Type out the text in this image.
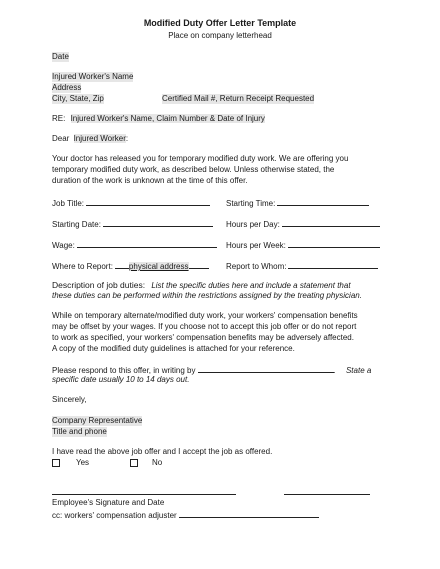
Modified Duty Offer Letter Template
Place on company letterhead
Date
Injured Worker's Name
Address
City, State, Zip	Certified Mail #, Return Receipt Requested
RE: Injured Worker's Name, Claim Number & Date of Injury
Dear Injured Worker:
Your doctor has released you for temporary modified duty work. We are offering you
temporary modified duty work, as described below. Unless otherwise stated, the
duration of the work is unknown at the time of this offer.
Job Title:	Starting Time:
Starting Date:	Hours per Day:
Wage:	Hours per Week:
Where to Report: physical address	Report to Whom:
Description of job duties: List the specific duties here and include a statement that
these duties can be performed within the restrictions assigned by the treating physician.
While on temporary alternate/modified duty work, your workers' compensation benefits
may be offset by your wages. If you choose not to accept this job offer or do not report
to work as specified, your workers' compensation benefits may be adversely affected.
A copy of the modified duty guidelines is attached for your reference.
Please respond to this offer, in writing by	. State a
specific date usually 10 to 14 days out.
Sincerely,
Company Representative
Title and phone
I have read the above job offer and I accept the job as offered.
Yes	No
Employee's Signature and Date
cc: workers' compensation adjuster
